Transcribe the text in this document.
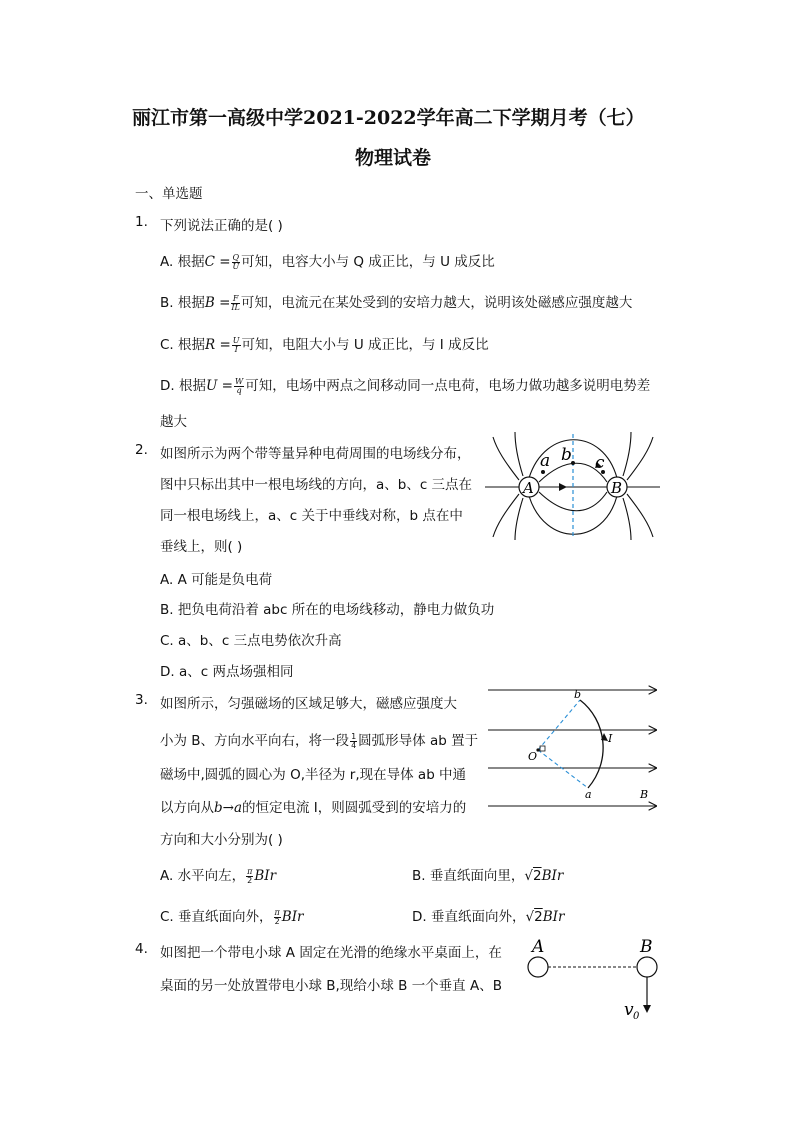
丽江市第一高级中学2021-2022学年高二下学期月考（七）
物理试卷
一、单选题
1. 下列说法正确的是( )
A. 根据$C = \frac{Q}{U}$ 可知，电容大小与 Q 成正比，与 U 成反比
B. 根据$B = \frac{F}{IL}$ 可知，电流元在某处受到的安培力越大，说明该处磁感应强度越大
C. 根据$R = \frac{U}{I}$ 可知，电阻大小与 U 成正比，与 I 成反比
D. 根据$U = \frac{W}{q}$ 可知，电场中两点之间移动同一点电荷，电场力做功越多说明电势差
越大
2. 如图所示为两个带等量异种电荷周围的电场线分布，
图中只标出其中一根电场线的方向，a、b、c 三点在
同一根电场线上，a、c 关于中垂线对称，b 点在中
垂线上，则( )
A. A 可能是负电荷
B. 把负电荷沿着 abc 所在的电场线移动，静电力做负功
C. a、b、c 三点电势依次升高
D. a、c 两点场强相同
a b c
A	B
3. 如图所示，匀强磁场的区域足够大，磁感应强度大
小为 B、方向水平向右，将一段 $\frac{1}{4}$ 圆弧形导体 ab 置于
磁场中,圆弧的圆心为 O,半径为 r,现在导体 ab 中通
以方向从b→a的恒定电流 I，则圆弧受到的安培力的
方向和大小分别为( )
A. 水平向左， $\frac{\pi}{2}$ BIr	B. 垂直纸面向里，√2BIr
C. 垂直纸面向外， $\frac{\pi}{2}$ BIr	D. 垂直纸面向外，√2BIr
b
I
O
a	B
4. 如图把一个带电小球 A 固定在光滑的绝缘水平桌面上，在
桌面的另一处放置带电小球 B,现给小球 B 一个垂直 A、B
A	B
v 0
